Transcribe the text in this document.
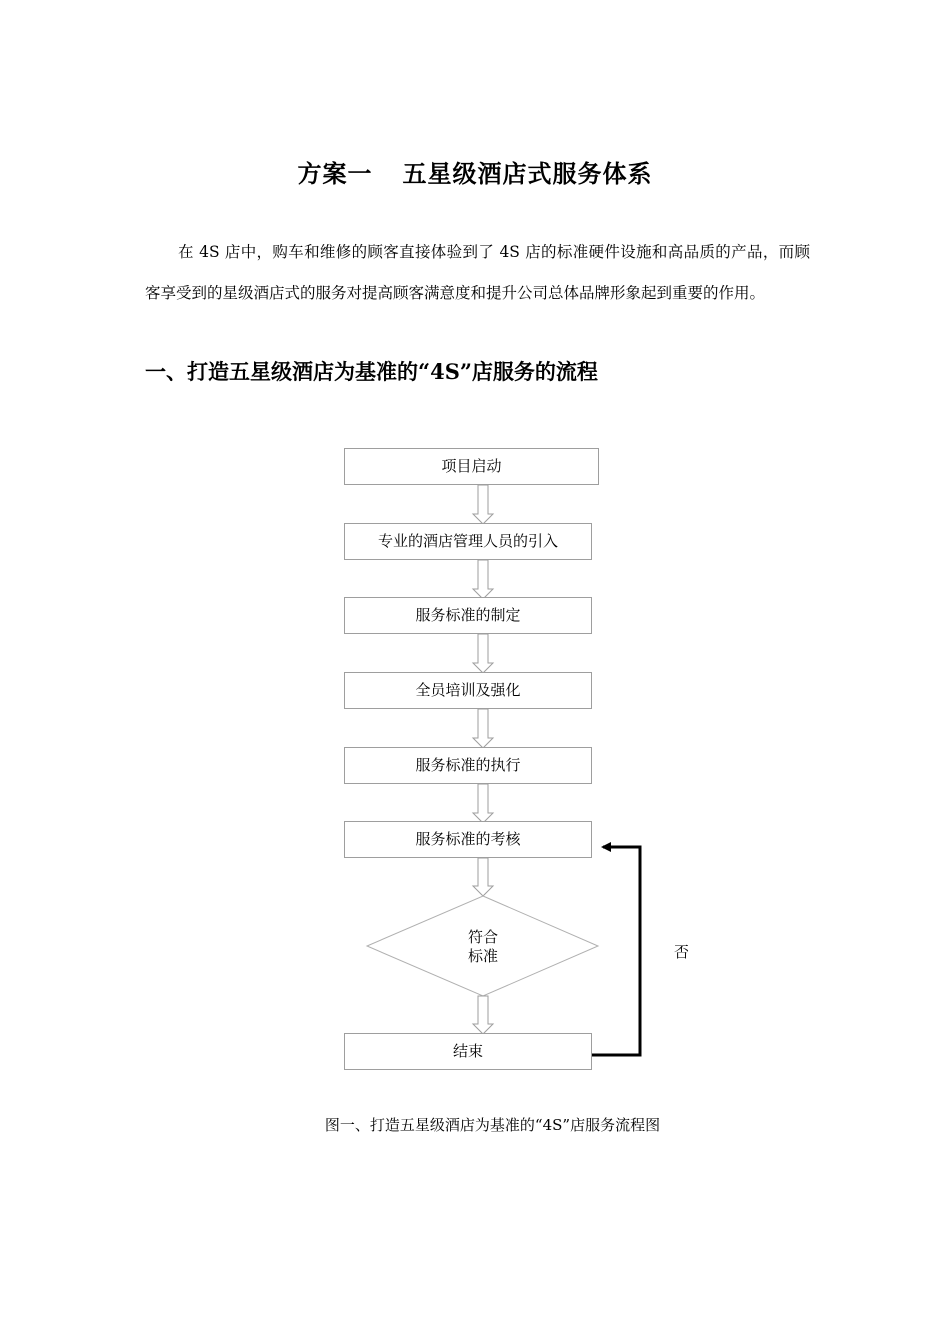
方案一 五星级酒店式服务体系
在 4S 店中，购车和维修的顾客直接体验到了 4S 店的标准硬件设施和高品质的产品，而顾客享受到的星级酒店式的服务对提高顾客满意度和提升公司总体品牌形象起到重要的作用。
一、打造五星级酒店为基准的“4S”店服务的流程
项目启动
专业的酒店管理人员的引入
服务标准的制定
全员培训及强化
服务标准的执行
服务标准的考核
符合
标准
结束
否
图一、打造五星级酒店为基准的“4S”店服务流程图
